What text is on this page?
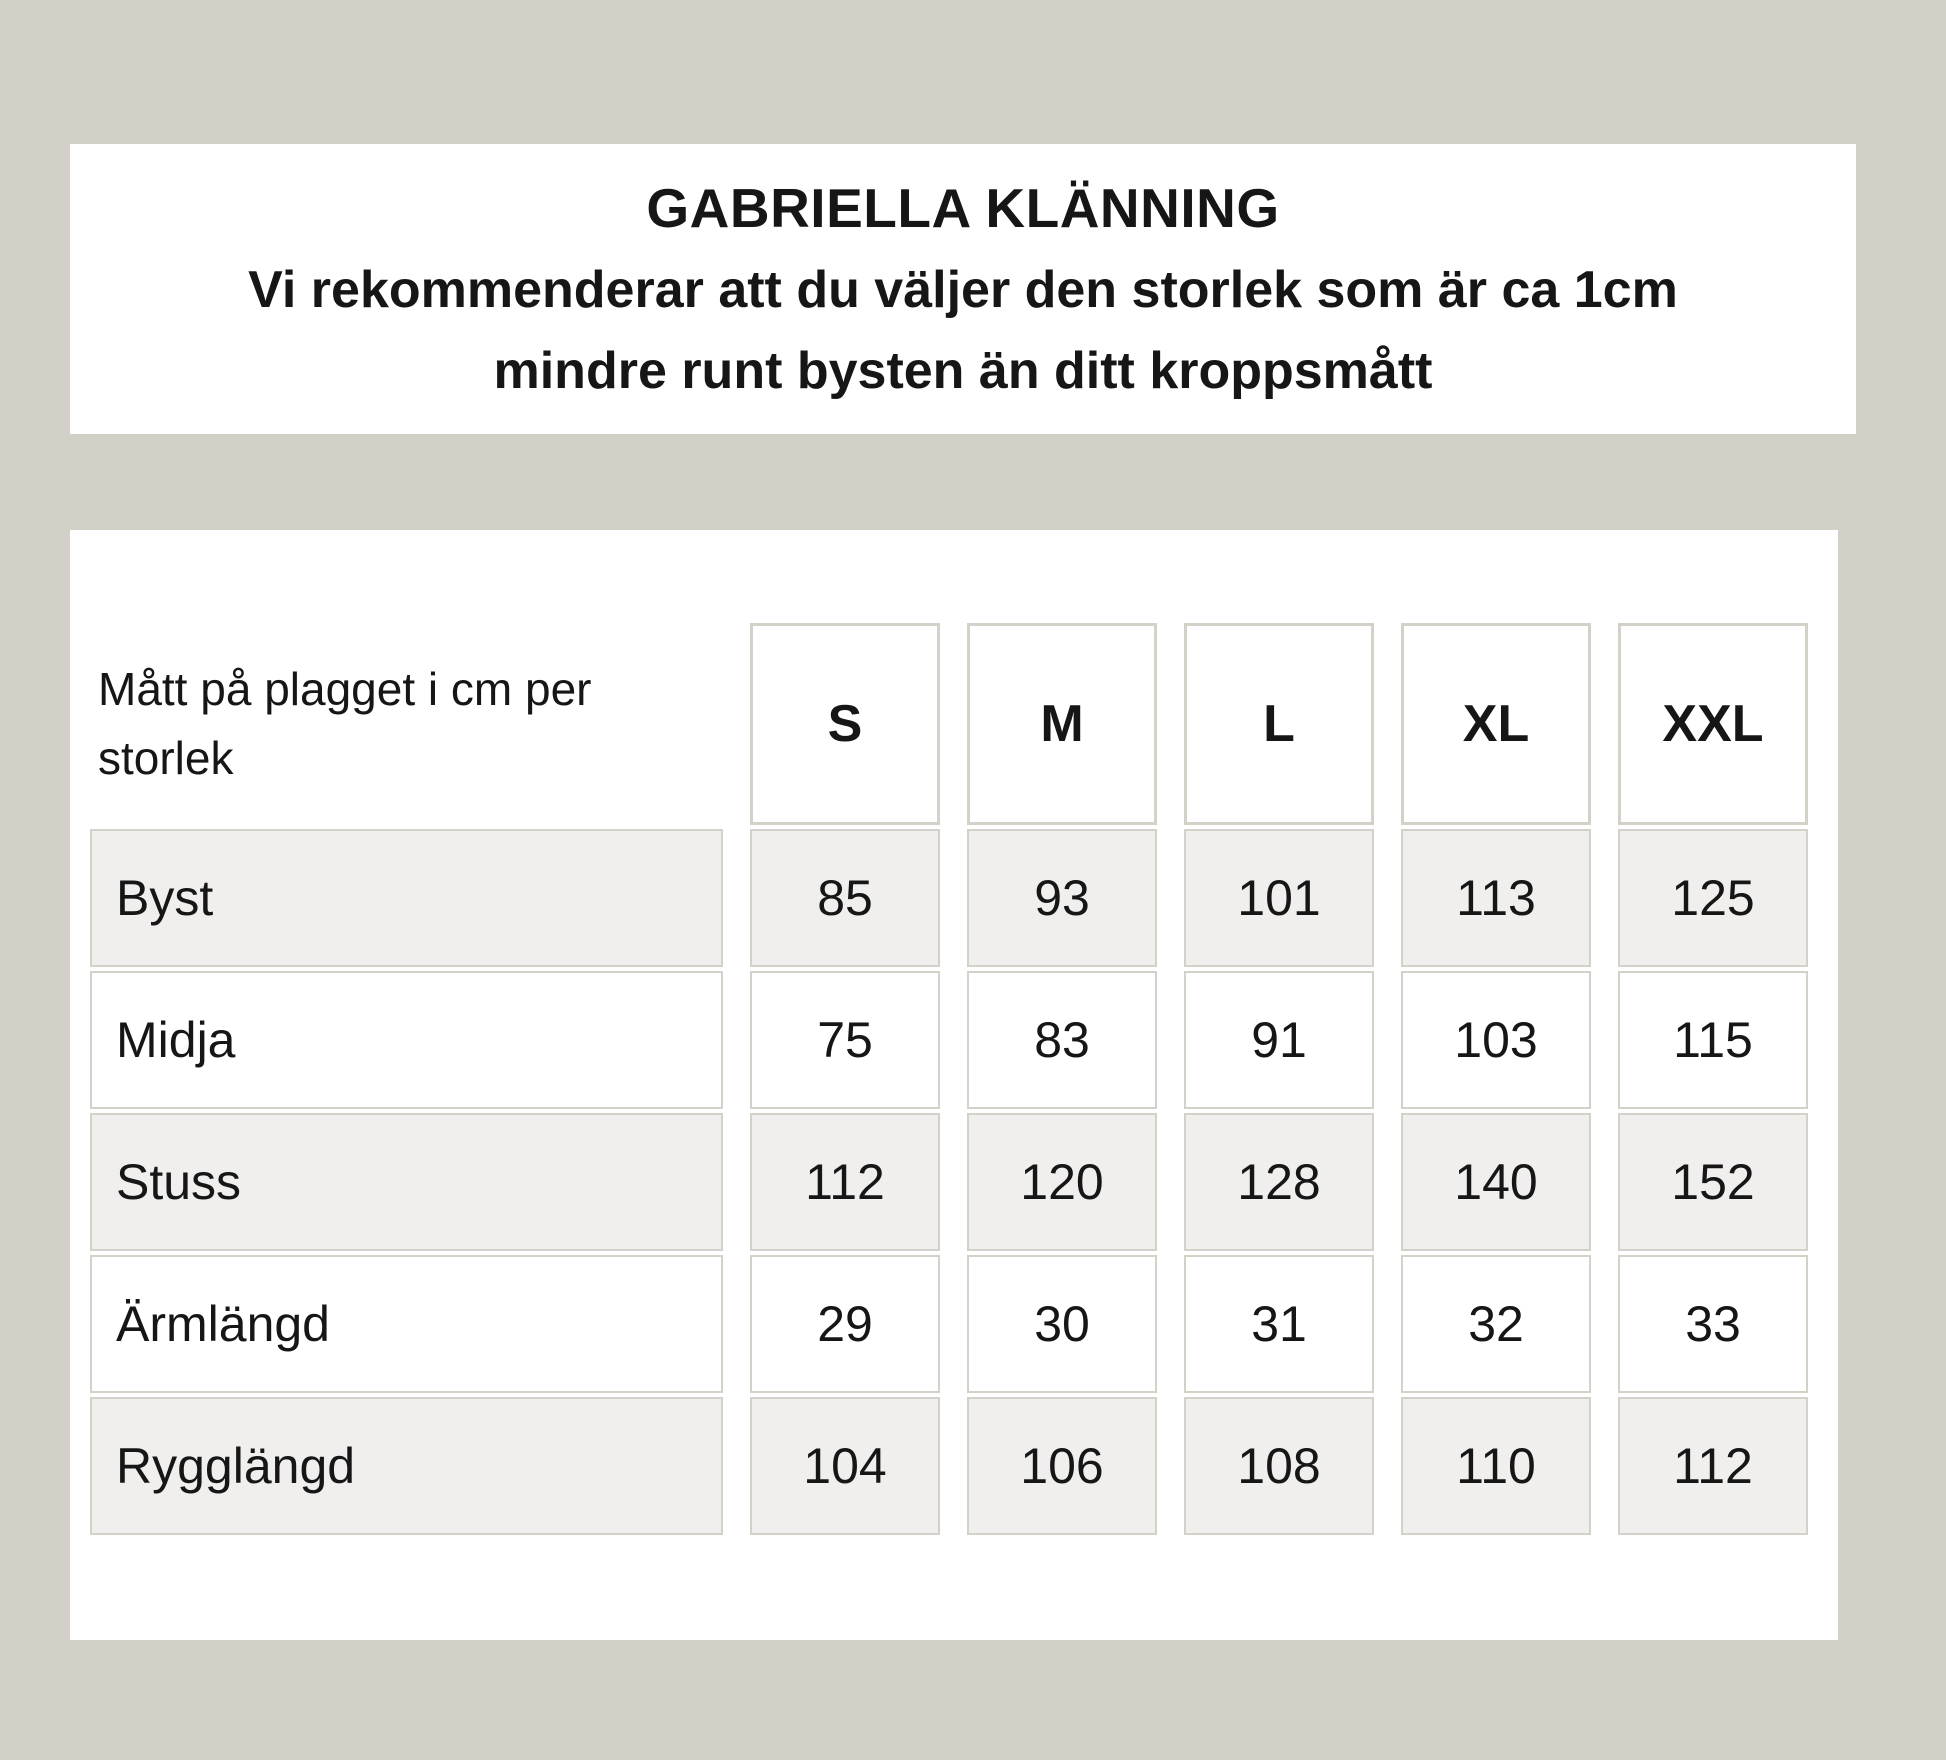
GABRIELLA KLÄNNING

Vi rekommenderar att du väljer den storlek som är ca 1cm

mindre runt bysten än ditt kroppsmått

Mått på plagget i cm per storlek
S	M	L	XL	XXL
Byst	85	93	101	113	125
Midja	75	83	91	103	115
Stuss	112	120	128	140	152
Ärmlängd	29	30	31	32	33
Rygglängd	104	106	108	110	112
